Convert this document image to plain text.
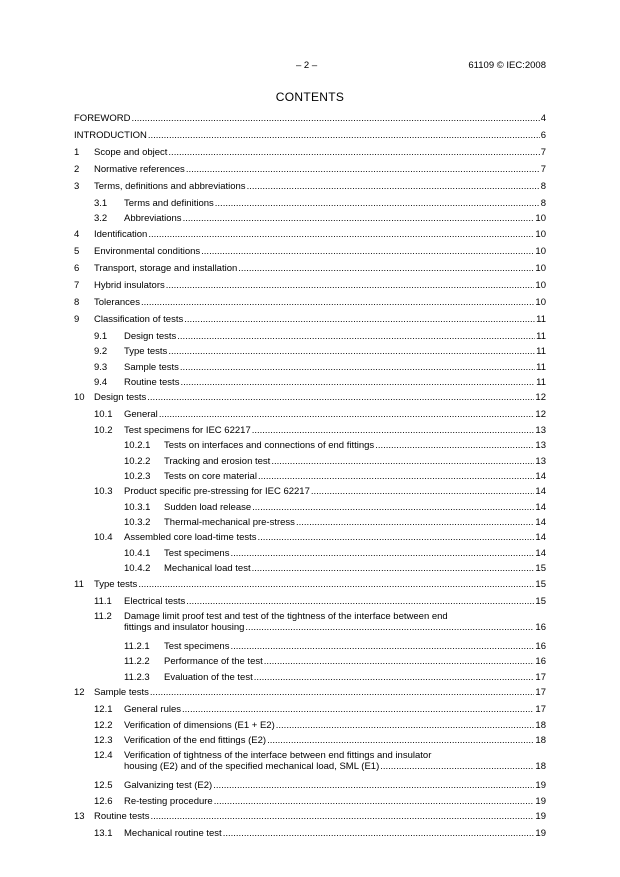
– 2 –	61109 © IEC:2008
CONTENTS
FOREWORD .....	4
INTRODUCTION .....	6
1 Scope and object .....	7
2 Normative references .....	7
3 Terms, definitions and abbreviations .....	8
3.1 Terms and definitions .....	8
3.2 Abbreviations .....	10
4 Identification .....	10
5 Environmental conditions .....	10
6 Transport, storage and installation .....	10
7 Hybrid insulators .....	10
8 Tolerances .....	10
9 Classification of tests .....	11
9.1 Design tests .....	11
9.2 Type tests .....	11
9.3 Sample tests .....	11
9.4 Routine tests .....	11
10 Design tests .....	12
10.1 General .....	12
10.2 Test specimens for IEC 62217 .....	13
10.2.1 Tests on interfaces and connections of end fittings .....	13
10.2.2 Tracking and erosion test .....	13
10.2.3 Tests on core material .....	14
10.3 Product specific pre-stressing for IEC 62217 .....	14
10.3.1 Sudden load release .....	14
10.3.2 Thermal-mechanical pre-stress .....	14
10.4 Assembled core load-time tests .....	14
10.4.1 Test specimens .....	14
10.4.2 Mechanical load test .....	15
11 Type tests .....	15
11.1 Electrical tests .....	15
11.2 Damage limit proof test and test of the tightness of the interface between end
fittings and insulator housing .....	16
11.2.1 Test specimens .....	16
11.2.2 Performance of the test .....	16
11.2.3 Evaluation of the test .....	17
12 Sample tests .....	17
12.1 General rules .....	17
12.2 Verification of dimensions (E1 + E2) .....	18
12.3 Verification of the end fittings (E2) .....	18
12.4 Verification of tightness of the interface between end fittings and insulator
housing (E2) and of the specified mechanical load, SML (E1) .....	18
12.5 Galvanizing test (E2) .....	19
12.6 Re-testing procedure .....	19
13 Routine tests .....	19
13.1 Mechanical routine test .....	19
